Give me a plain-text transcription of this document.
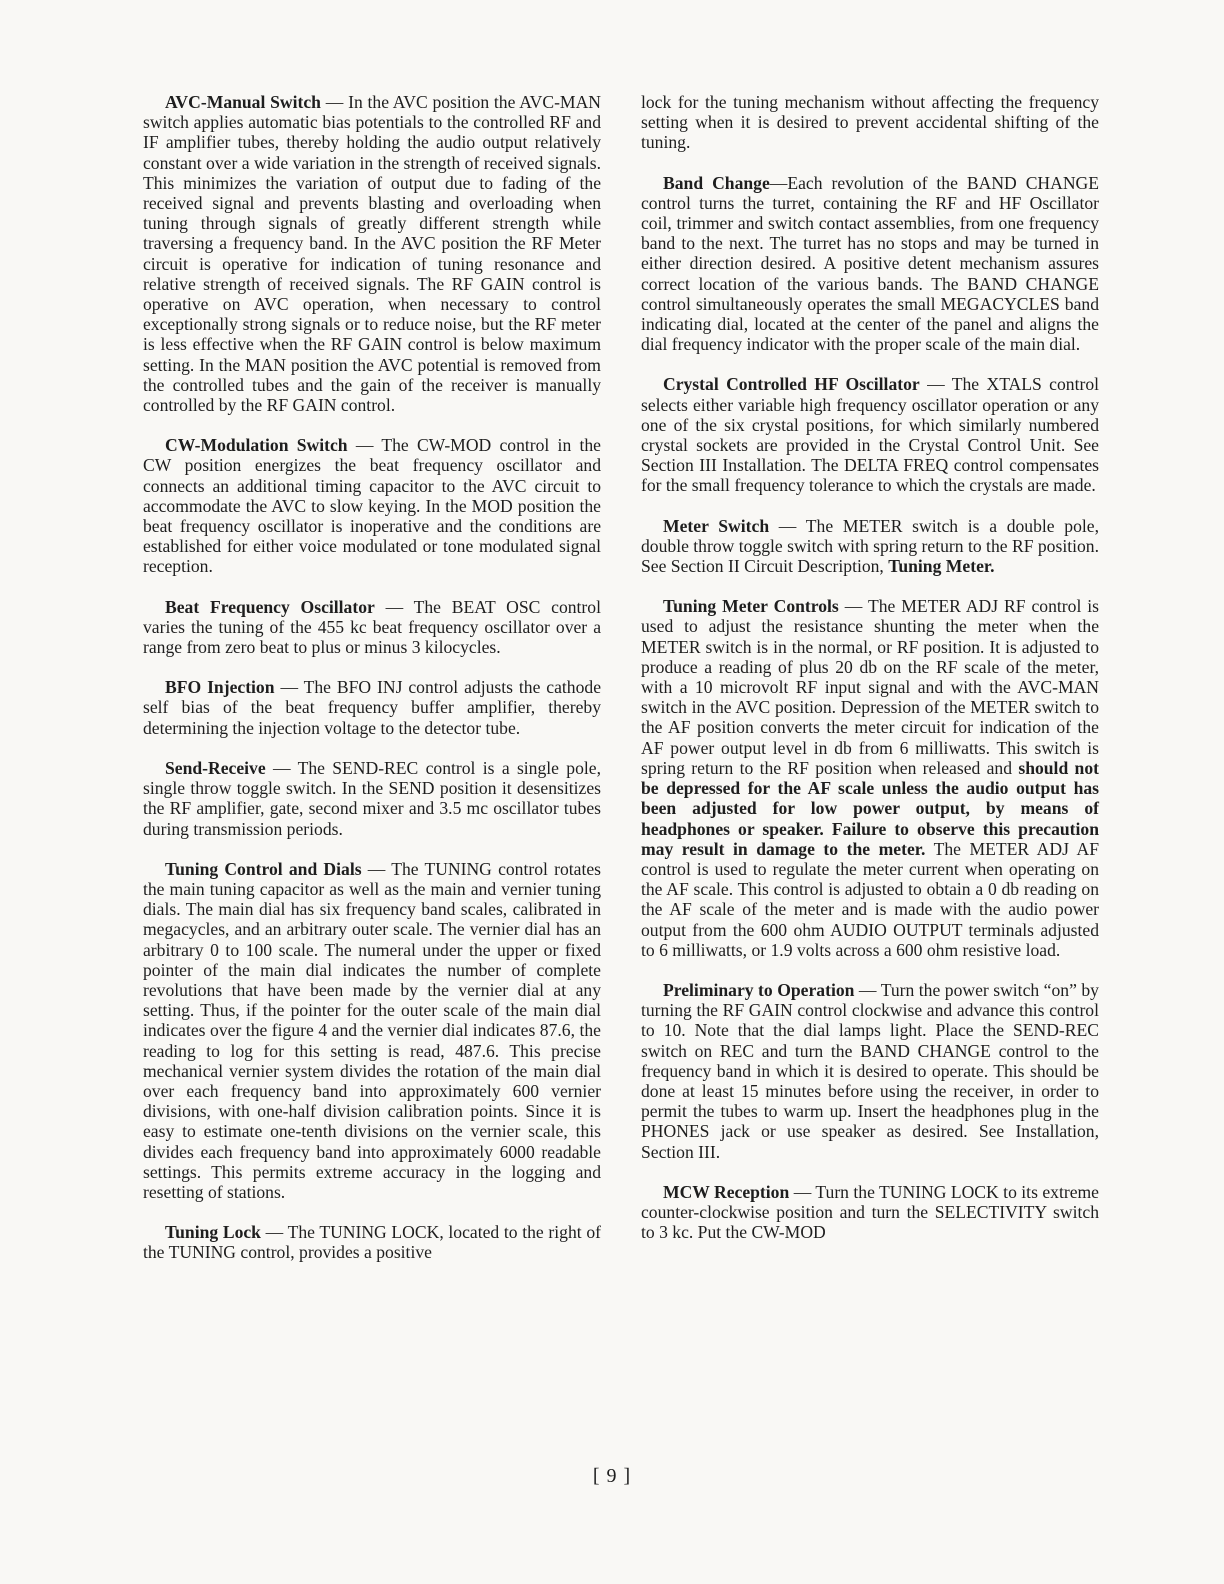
AVC-Manual Switch — In the AVC position the AVC-MAN switch applies automatic bias potentials to the controlled RF and IF amplifier tubes, thereby holding the audio output relatively constant over a wide variation in the strength of received signals. This minimizes the variation of output due to fading of the received signal and prevents blasting and overloading when tuning through signals of greatly different strength while traversing a frequency band. In the AVC position the RF Meter circuit is operative for indication of tuning resonance and relative strength of received signals. The RF GAIN control is operative on AVC operation, when necessary to control exceptionally strong signals or to reduce noise, but the RF meter is less effective when the RF GAIN control is below maximum setting. In the MAN position the AVC potential is removed from the controlled tubes and the gain of the receiver is manually controlled by the RF GAIN control.

CW-Modulation Switch — The CW-MOD control in the CW position energizes the beat frequency oscillator and connects an additional timing capacitor to the AVC circuit to accommodate the AVC to slow keying. In the MOD position the beat frequency oscillator is inoperative and the conditions are established for either voice modulated or tone modulated signal reception.

Beat Frequency Oscillator — The BEAT OSC control varies the tuning of the 455 kc beat frequency oscillator over a range from zero beat to plus or minus 3 kilocycles.

BFO Injection — The BFO INJ control adjusts the cathode self bias of the beat frequency buffer amplifier, thereby determining the injection voltage to the detector tube.

Send-Receive — The SEND-REC control is a single pole, single throw toggle switch. In the SEND position it desensitizes the RF amplifier, gate, second mixer and 3.5 mc oscillator tubes during transmission periods.

Tuning Control and Dials — The TUNING control rotates the main tuning capacitor as well as the main and vernier tuning dials. The main dial has six frequency band scales, calibrated in megacycles, and an arbitrary outer scale. The vernier dial has an arbitrary 0 to 100 scale. The numeral under the upper or fixed pointer of the main dial indicates the number of complete revolutions that have been made by the vernier dial at any setting. Thus, if the pointer for the outer scale of the main dial indicates over the figure 4 and the vernier dial indicates 87.6, the reading to log for this setting is read, 487.6. This precise mechanical vernier system divides the rotation of the main dial over each frequency band into approximately 600 vernier divisions, with one-half division calibration points. Since it is easy to estimate one-tenth divisions on the vernier scale, this divides each frequency band into approximately 6000 readable settings. This permits extreme accuracy in the logging and resetting of stations.

Tuning Lock — The TUNING LOCK, located to the right of the TUNING control, provides a positive

lock for the tuning mechanism without affecting the frequency setting when it is desired to prevent accidental shifting of the tuning.

Band Change—Each revolution of the BAND CHANGE control turns the turret, containing the RF and HF Oscillator coil, trimmer and switch contact assemblies, from one frequency band to the next. The turret has no stops and may be turned in either direction desired. A positive detent mechanism assures correct location of the various bands. The BAND CHANGE control simultaneously operates the small MEGACYCLES band indicating dial, located at the center of the panel and aligns the dial frequency indicator with the proper scale of the main dial.

Crystal Controlled HF Oscillator — The XTALS control selects either variable high frequency oscillator operation or any one of the six crystal positions, for which similarly numbered crystal sockets are provided in the Crystal Control Unit. See Section III Installation. The DELTA FREQ control compensates for the small frequency tolerance to which the crystals are made.

Meter Switch — The METER switch is a double pole, double throw toggle switch with spring return to the RF position. See Section II Circuit Description, Tuning Meter.

Tuning Meter Controls — The METER ADJ RF control is used to adjust the resistance shunting the meter when the METER switch is in the normal, or RF position. It is adjusted to produce a reading of plus 20 db on the RF scale of the meter, with a 10 microvolt RF input signal and with the AVC-MAN switch in the AVC position. Depression of the METER switch to the AF position converts the meter circuit for indication of the AF power output level in db from 6 milliwatts. This switch is spring return to the RF position when released and should not be depressed for the AF scale unless the audio output has been adjusted for low power output, by means of headphones or speaker. Failure to observe this precaution may result in damage to the meter. The METER ADJ AF control is used to regulate the meter current when operating on the AF scale. This control is adjusted to obtain a 0 db reading on the AF scale of the meter and is made with the audio power output from the 600 ohm AUDIO OUTPUT terminals adjusted to 6 milliwatts, or 1.9 volts across a 600 ohm resistive load.

Preliminary to Operation — Turn the power switch “on” by turning the RF GAIN control clockwise and advance this control to 10. Note that the dial lamps light. Place the SEND-REC switch on REC and turn the BAND CHANGE control to the frequency band in which it is desired to operate. This should be done at least 15 minutes before using the receiver, in order to permit the tubes to warm up. Insert the headphones plug in the PHONES jack or use speaker as desired. See Installation, Section III.

MCW Reception — Turn the TUNING LOCK to its extreme counter-clockwise position and turn the SELECTIVITY switch to 3 kc. Put the CW-MOD

[ 9 ]
